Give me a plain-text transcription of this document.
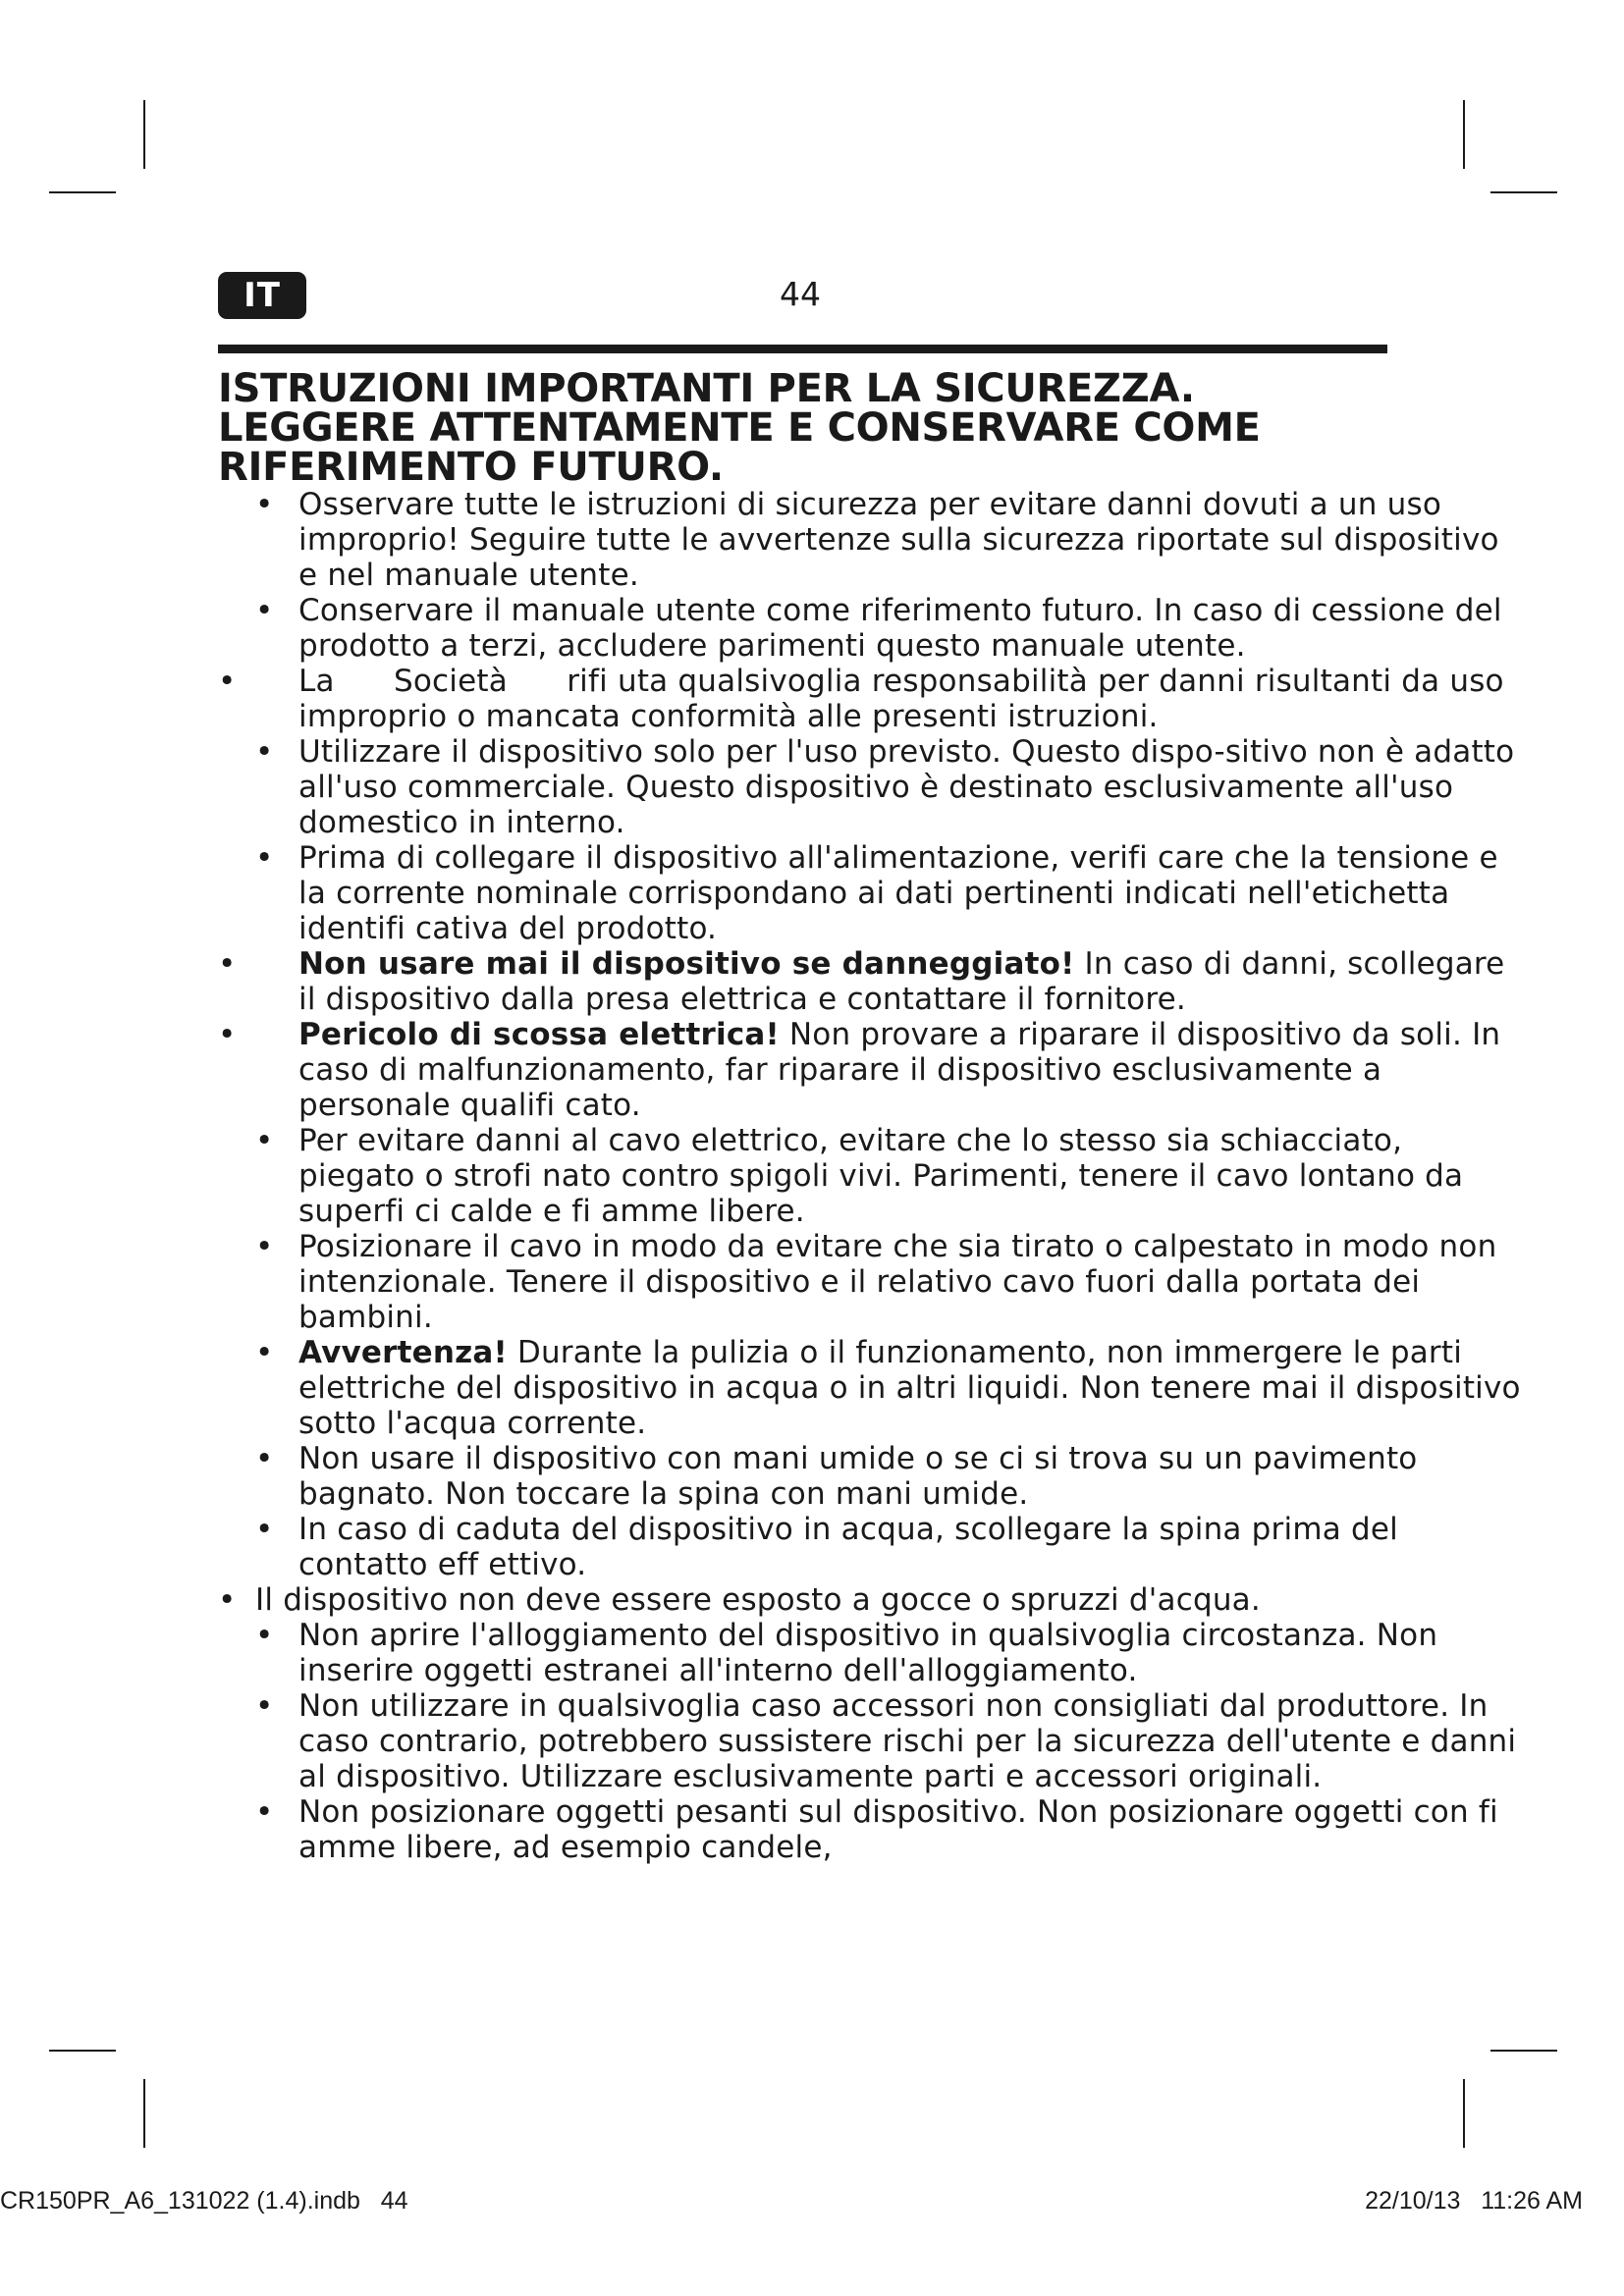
IT	44
ISTRUZIONI IMPORTANTI PER LA SICUREZZA.
LEGGERE ATTENTAMENTE E CONSERVARE COME
RIFERIMENTO FUTURO.
• Osservare tutte le istruzioni di sicurezza per evitare danni dovuti a un uso improprio! Seguire tutte le avvertenze sulla sicurezza riportate sul dispositivo e nel manuale utente.
• Conservare il manuale utente come riferimento futuro. In caso di cessione del prodotto a terzi, accludere parimenti questo manuale utente.
• La      Società      rifi uta qualsivoglia responsabilità per danni risultanti da uso improprio o mancata conformità alle presenti istruzioni.
• Utilizzare il dispositivo solo per l'uso previsto. Questo dispo-sitivo non è adatto all'uso commerciale. Questo dispositivo è destinato esclusivamente all'uso domestico in interno.
• Prima di collegare il dispositivo all'alimentazione, verifi care che la tensione e la corrente nominale corrispondano ai dati pertinenti indicati nell'etichetta identifi cativa del prodotto.
• Non usare mai il dispositivo se danneggiato! In caso di danni, scollegare il dispositivo dalla presa elettrica e contattare il fornitore.
• Pericolo di scossa elettrica! Non provare a riparare il dispositivo da soli. In caso di malfunzionamento, far riparare il dispositivo esclusivamente a personale qualifi cato.
• Per evitare danni al cavo elettrico, evitare che lo stesso sia schiacciato, piegato o strofi nato contro spigoli vivi. Parimenti, tenere il cavo lontano da superfi ci calde e fi amme libere.
• Posizionare il cavo in modo da evitare che sia tirato o calpestato in modo non intenzionale. Tenere il dispositivo e il relativo cavo fuori dalla portata dei bambini.
• Avvertenza! Durante la pulizia o il funzionamento, non immergere le parti elettriche del dispositivo in acqua o in altri liquidi. Non tenere mai il dispositivo sotto l'acqua corrente.
• Non usare il dispositivo con mani umide o se ci si trova su un pavimento bagnato. Non toccare la spina con mani umide.
• In caso di caduta del dispositivo in acqua, scollegare la spina prima del contatto eff ettivo.
• Il dispositivo non deve essere esposto a gocce o spruzzi d'acqua.
• Non aprire l'alloggiamento del dispositivo in qualsivoglia circostanza. Non inserire oggetti estranei all'interno dell'alloggiamento.
• Non utilizzare in qualsivoglia caso accessori non consigliati dal produttore. In caso contrario, potrebbero sussistere rischi per la sicurezza dell'utente e danni al dispositivo. Utilizzare esclusivamente parti e accessori originali.
• Non posizionare oggetti pesanti sul dispositivo. Non posizionare oggetti con fi amme libere, ad esempio candele,
CR150PR_A6_131022 (1.4).indb   44	22/10/13   11:26 AM
